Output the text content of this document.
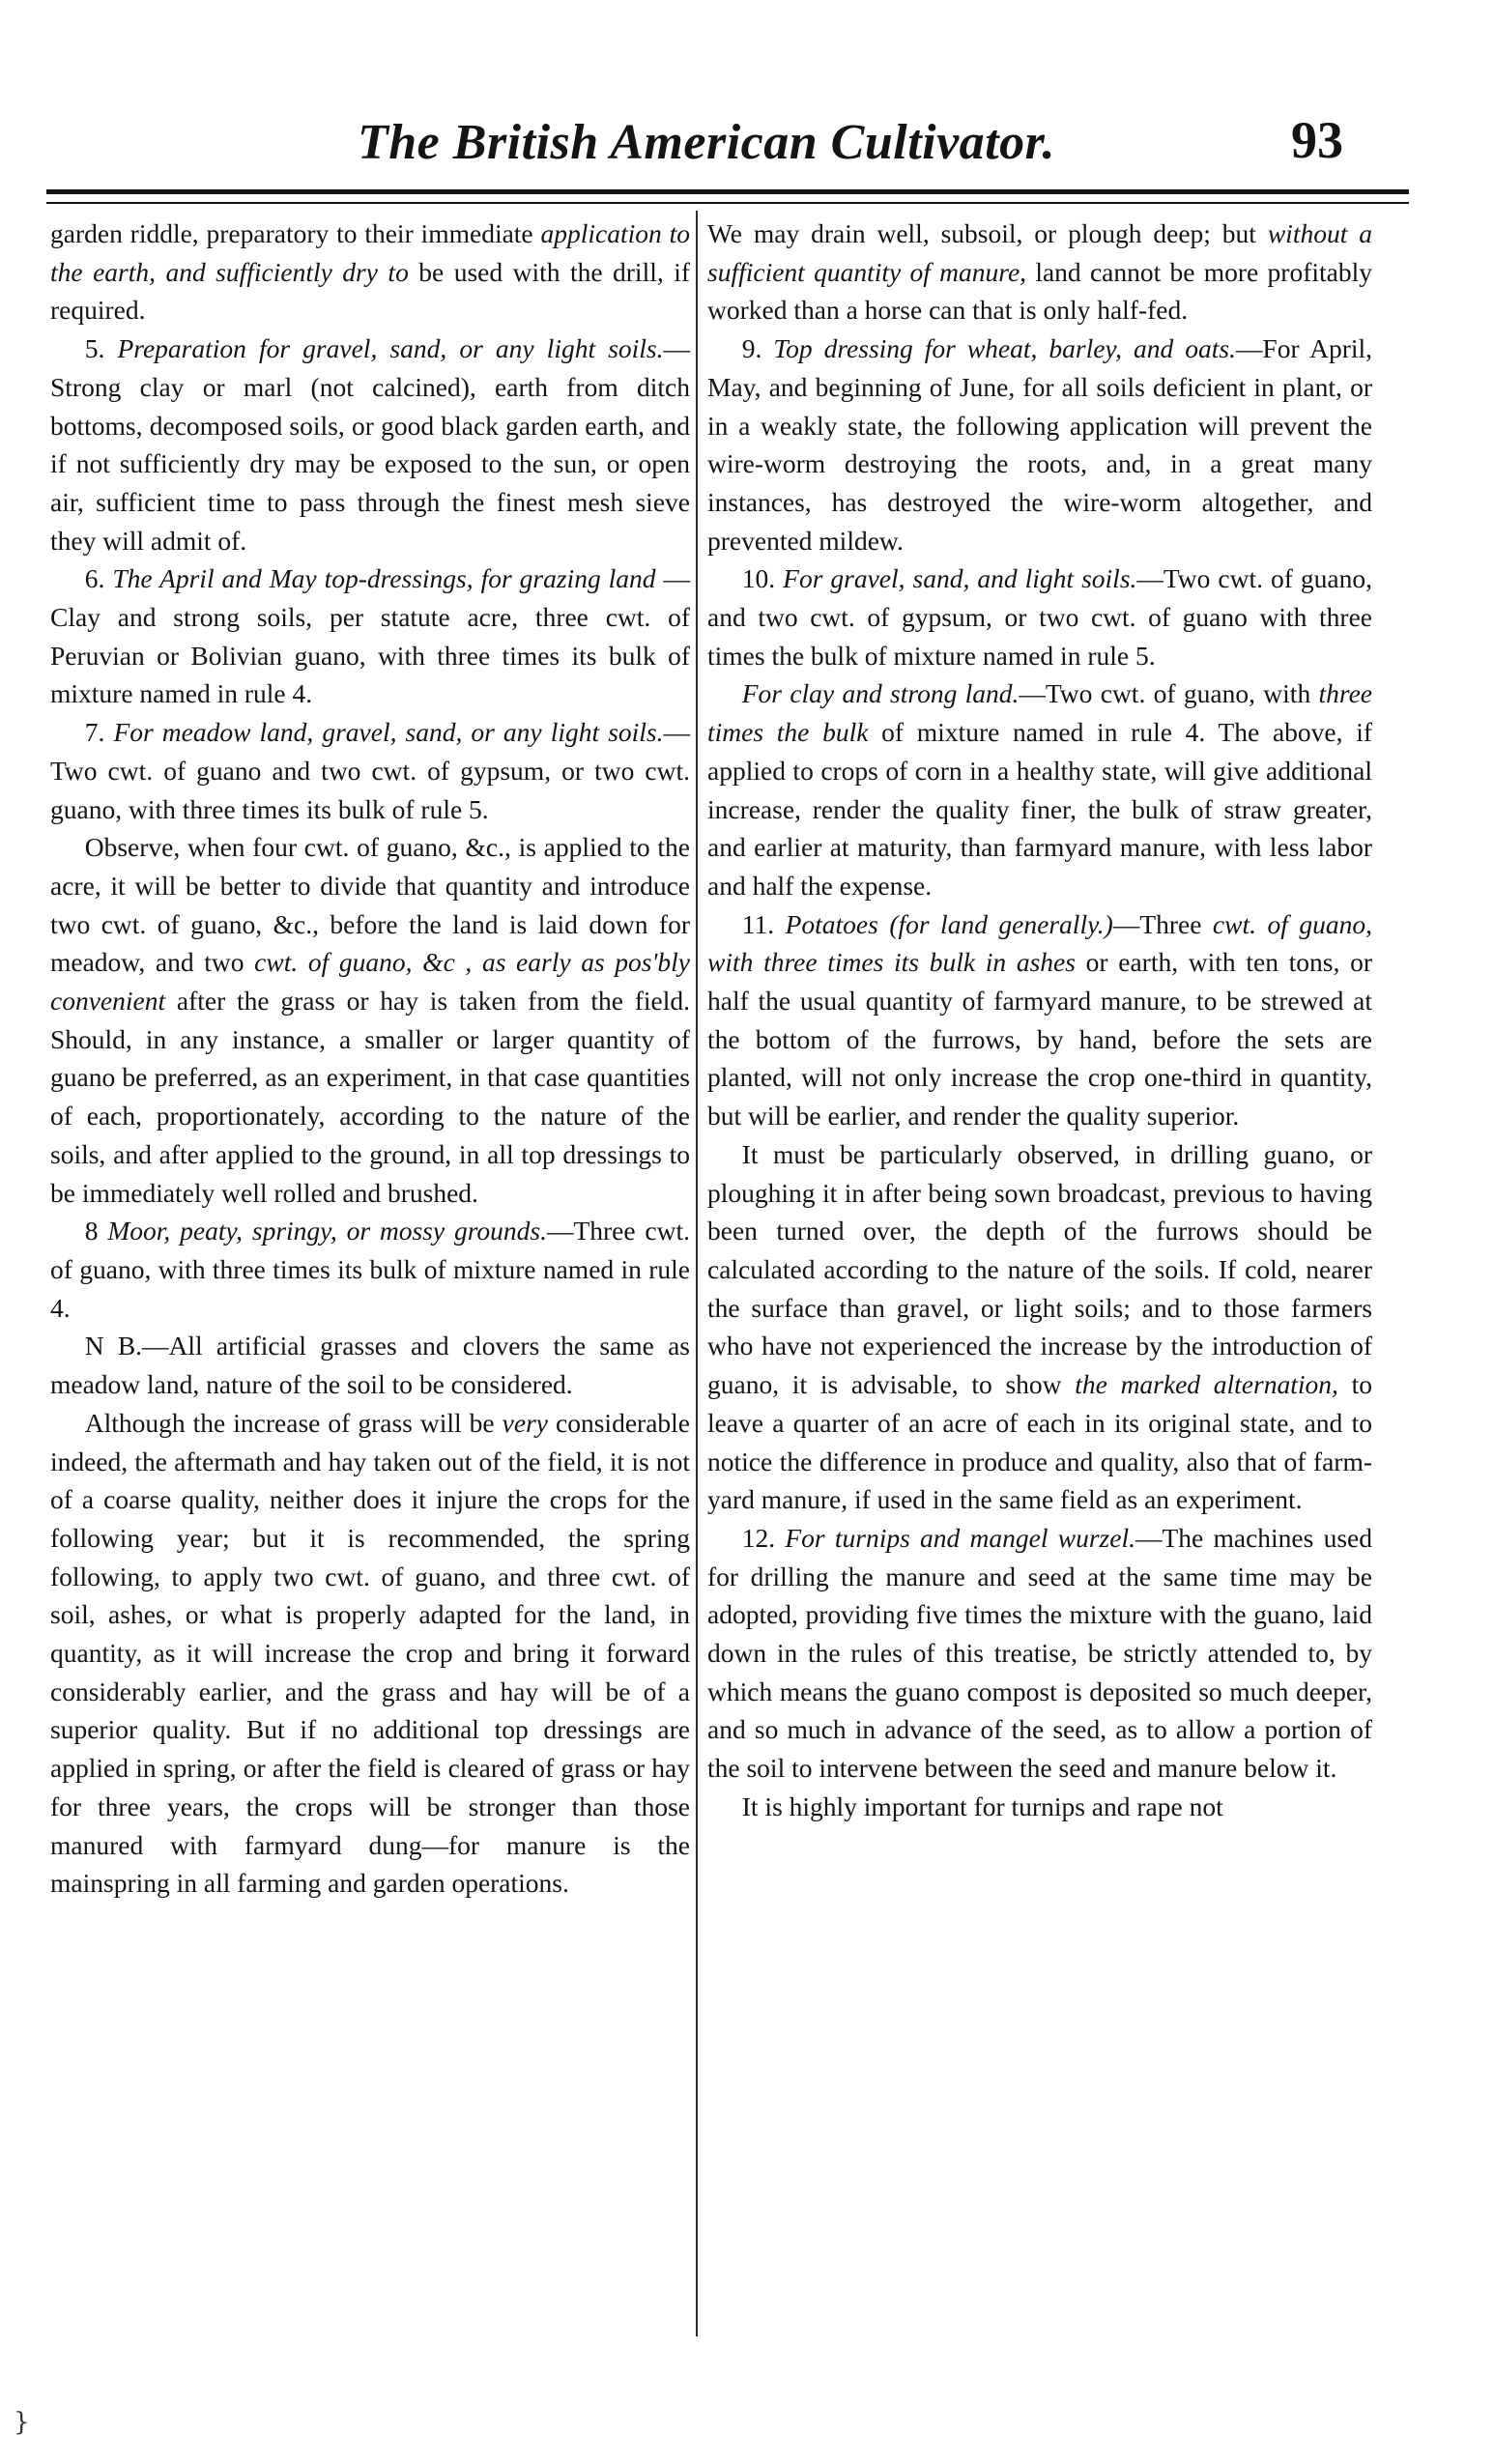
The British American Cultivator.	93

garden riddle, preparatory to their immediate application to the earth, and sufficiently dry to be used with the drill, if required.

5. Preparation for gravel, sand, or any light soils.—Strong clay or marl (not calcined), earth from ditch bottoms, decomposed soils, or good black garden earth, and if not sufficiently dry may be exposed to the sun, or open air, sufficient time to pass through the finest mesh sieve they will admit of.

6. The April and May top-dressings, for grazing land —Clay and strong soils, per statute acre, three cwt. of Peruvian or Bolivian guano, with three times its bulk of mixture named in rule 4.

7. For meadow land, gravel, sand, or any light soils.—Two cwt. of guano and two cwt. of gypsum, or two cwt. guano, with three times its bulk of rule 5.

Observe, when four cwt. of guano, &c., is applied to the acre, it will be better to divide that quantity and introduce two cwt. of guano, &c., before the land is laid down for meadow, and two cwt. of guano, &c , as early as pos'bly convenient after the grass or hay is taken from the field. Should, in any instance, a smaller or larger quantity of guano be preferred, as an experiment, in that case quantities of each, proportionately, according to the nature of the soils, and after applied to the ground, in all top dressings to be immediately well rolled and brushed.

8 Moor, peaty, springy, or mossy grounds.—Three cwt. of guano, with three times its bulk of mixture named in rule 4.

N B.—All artificial grasses and clovers the same as meadow land, nature of the soil to be considered.

Although the increase of grass will be very considerable indeed, the aftermath and hay taken out of the field, it is not of a coarse quality, neither does it injure the crops for the following year; but it is recommended, the spring following, to apply two cwt. of guano, and three cwt. of soil, ashes, or what is properly adapted for the land, in quantity, as it will increase the crop and bring it forward considerably earlier, and the grass and hay will be of a superior quality. But if no additional top dressings are applied in spring, or after the field is cleared of grass or hay for three years, the crops will be stronger than those manured with farmyard dung—for manure is the mainspring in all farming and garden operations.

We may drain well, subsoil, or plough deep; but without a sufficient quantity of manure, land cannot be more profitably worked than a horse can that is only half-fed.

9. Top dressing for wheat, barley, and oats.—For April, May, and beginning of June, for all soils deficient in plant, or in a weakly state, the following application will prevent the wire-worm destroying the roots, and, in a great many instances, has destroyed the wire-worm altogether, and prevented mildew.

10. For gravel, sand, and light soils.—Two cwt. of guano, and two cwt. of gypsum, or two cwt. of guano with three times the bulk of mixture named in rule 5.

For clay and strong land.—Two cwt. of guano, with three times the bulk of mixture named in rule 4. The above, if applied to crops of corn in a healthy state, will give additional increase, render the quality finer, the bulk of straw greater, and earlier at maturity, than farmyard manure, with less labor and half the expense.

11. Potatoes (for land generally.)—Three cwt. of guano, with three times its bulk in ashes or earth, with ten tons, or half the usual quantity of farmyard manure, to be strewed at the bottom of the furrows, by hand, before the sets are planted, will not only increase the crop one-third in quantity, but will be earlier, and render the quality superior.

It must be particularly observed, in drilling guano, or ploughing it in after being sown broadcast, previous to having been turned over, the depth of the furrows should be calculated according to the nature of the soils. If cold, nearer the surface than gravel, or light soils; and to those farmers who have not experienced the increase by the introduction of guano, it is advisable, to show the marked alternation, to leave a quarter of an acre of each in its original state, and to notice the difference in produce and quality, also that of farm-yard manure, if used in the same field as an experiment.

12. For turnips and mangel wurzel.—The machines used for drilling the manure and seed at the same time may be adopted, providing five times the mixture with the guano, laid down in the rules of this treatise, be strictly attended to, by which means the guano compost is deposited so much deeper, and so much in advance of the seed, as to allow a portion of the soil to intervene between the seed and manure below it.

It is highly important for turnips and rape not

}
